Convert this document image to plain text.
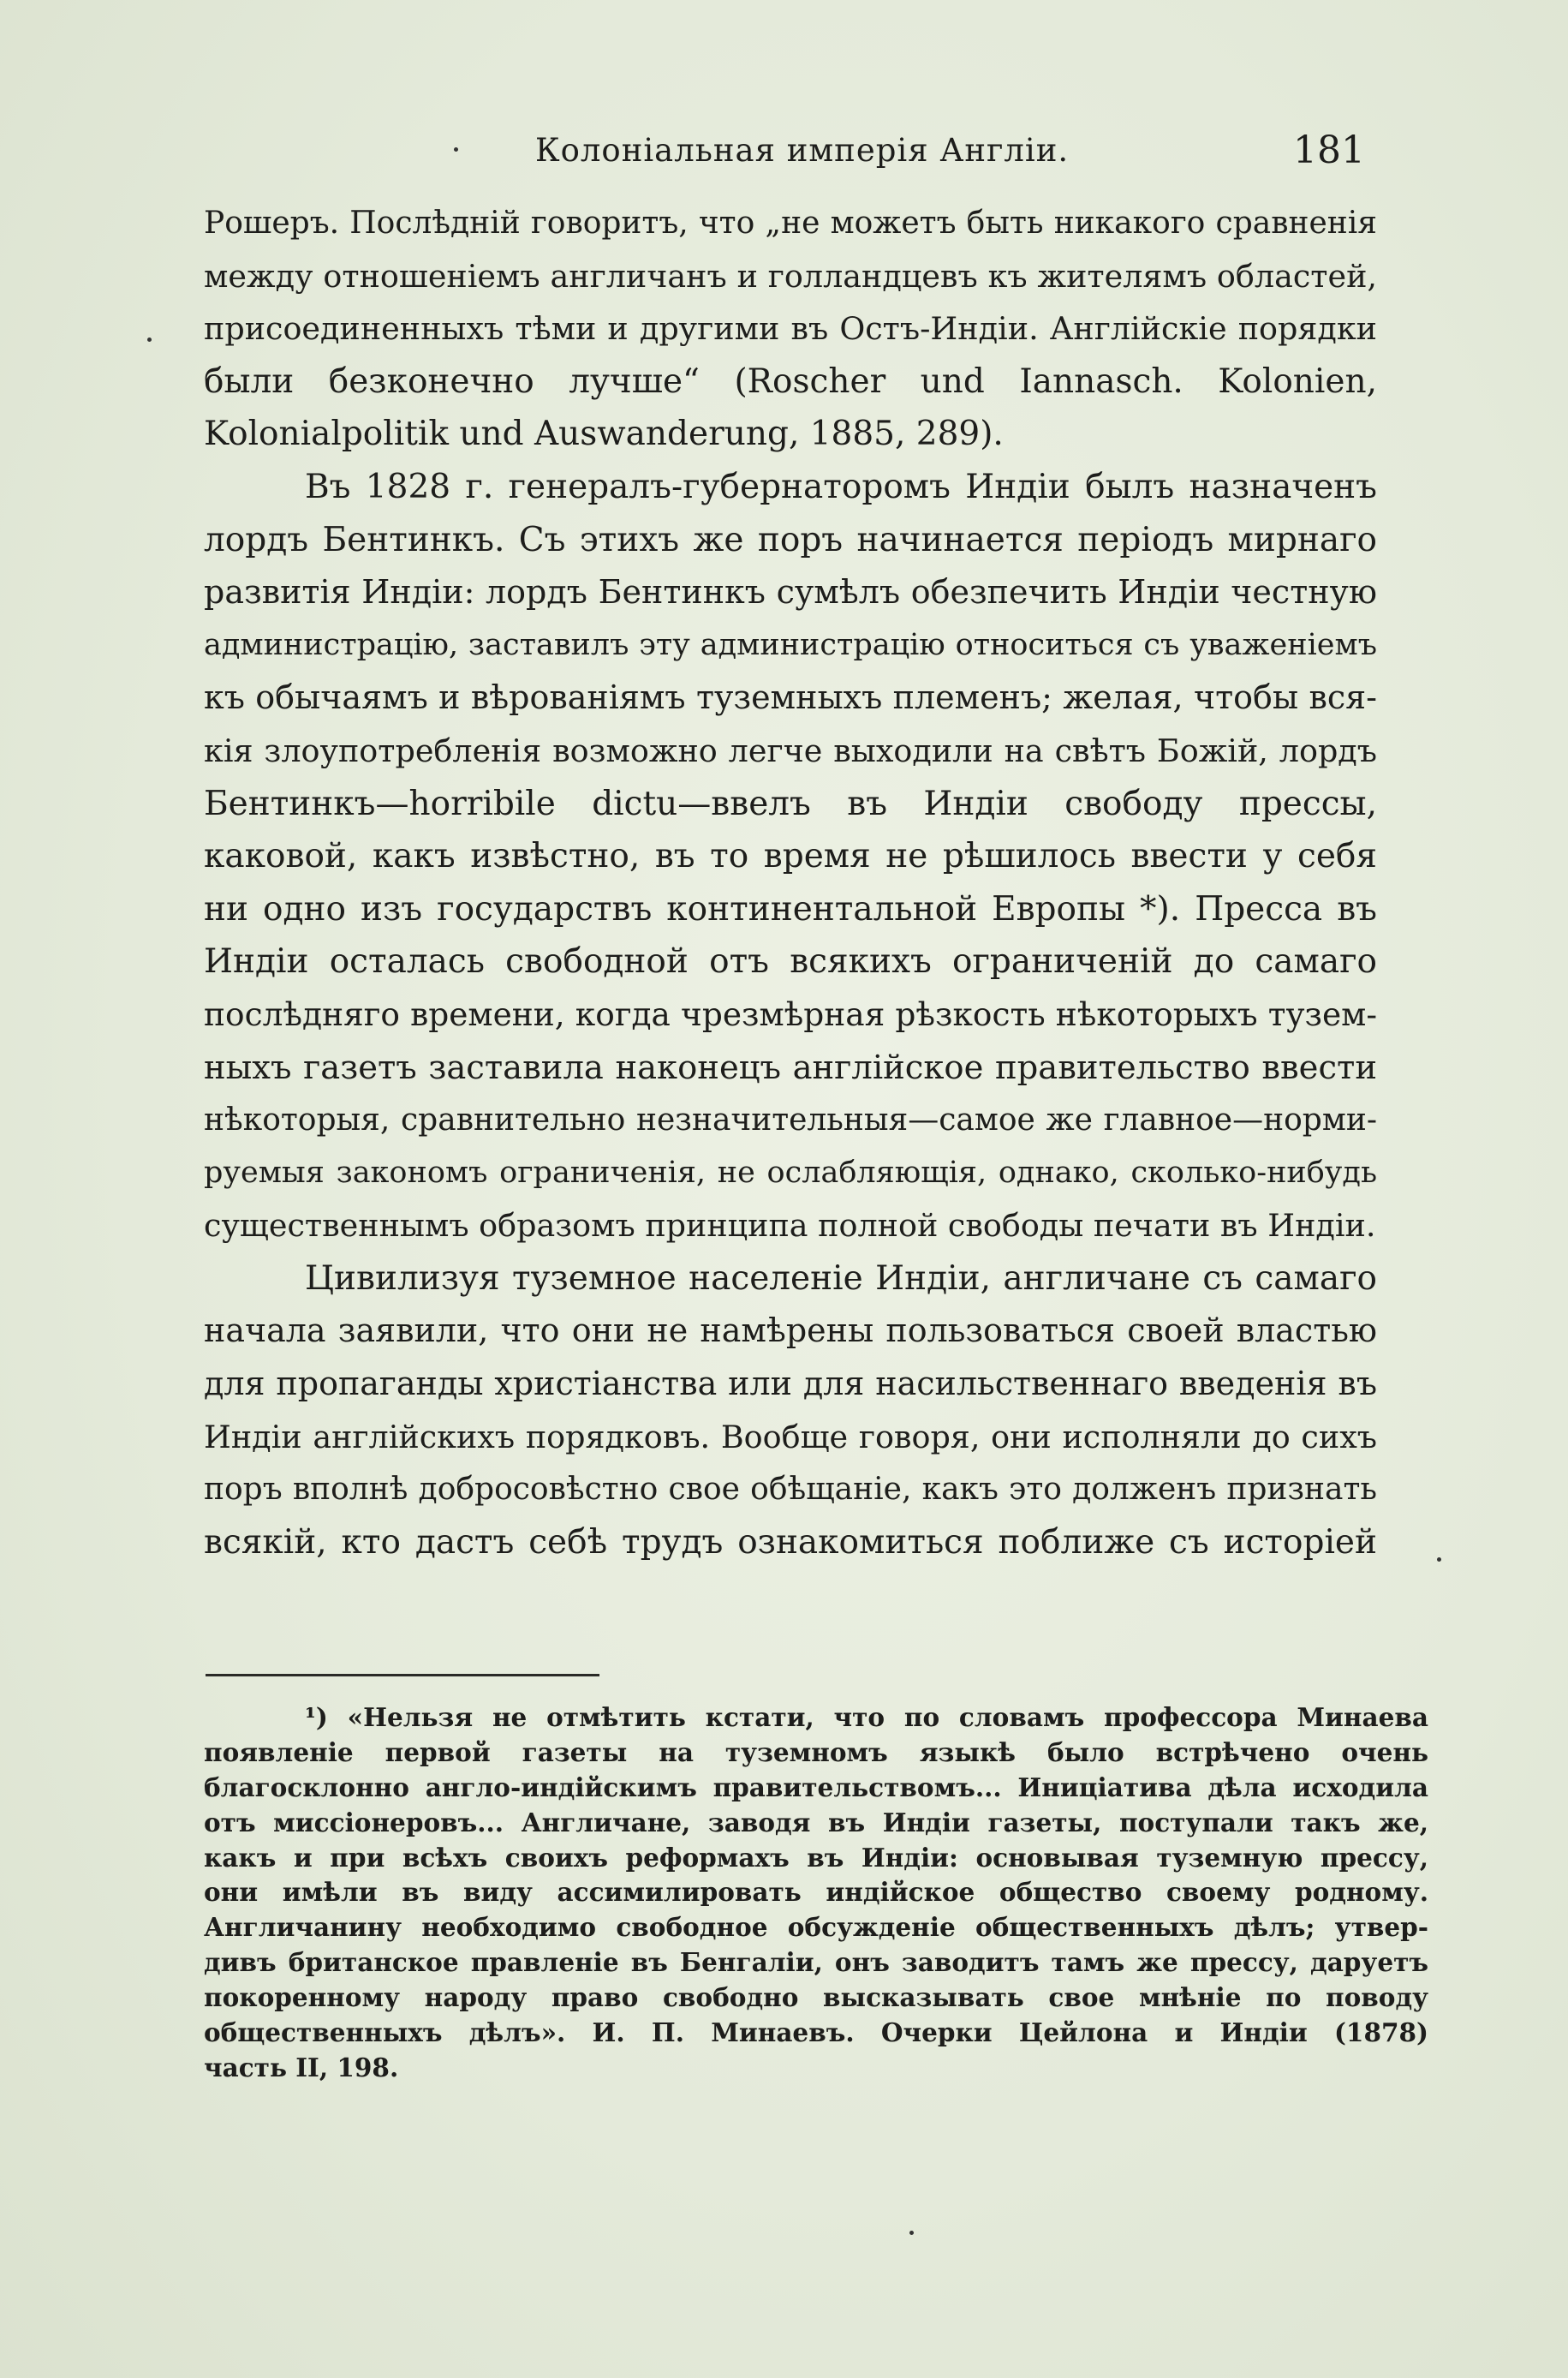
Колоніальная имперія Англіи.	181
Рошеръ. Послѣдній говоритъ, что „не можетъ быть никакого сравненія
между отношеніемъ англичанъ и голландцевъ къ жителямъ областей,
присоединенныхъ тѣми и другими въ Остъ-Индіи. Англійскіе порядки
были безконечно лучше“ (Roscher und Iannasch. Kolonien,
Kolonialpolitik und Auswanderung, 1885, 289).
Въ 1828 г. генералъ-губернаторомъ Индіи былъ назначенъ
лордъ Бентинкъ. Съ этихъ же поръ начинается періодъ мирнаго
развитія Индіи: лордъ Бентинкъ сумѣлъ обезпечить Индіи честную
администрацію, заставилъ эту администрацію относиться съ уваженіемъ
къ обычаямъ и вѣрованіямъ туземныхъ племенъ; желая, чтобы вся-
кія злоупотребленія возможно легче выходили на свѣтъ Божій, лордъ
Бентинкъ—horribile dictu—ввелъ въ Индіи свободу прессы,
каковой, какъ извѣстно, въ то время не рѣшилось ввести у себя
ни одно изъ государствъ континентальной Европы *). Пресса въ
Индіи осталась свободной отъ всякихъ ограниченій до самаго
послѣдняго времени, когда чрезмѣрная рѣзкость нѣкоторыхъ тузем-
ныхъ газетъ заставила наконецъ англійское правительство ввести
нѣкоторыя, сравнительно незначительныя—самое же главное—норми-
руемыя закономъ ограниченія, не ослабляющія, однако, сколько-нибудь
существеннымъ образомъ принципа полной свободы печати въ Индіи.
Цивилизуя туземное населеніе Индіи, англичане съ самаго
начала заявили, что они не намѣрены пользоваться своей властью
для пропаганды христіанства или для насильственнаго введенія въ
Индіи англійскихъ порядковъ. Вообще говоря, они исполняли до сихъ
поръ вполнѣ добросовѣстно свое обѣщаніе, какъ это долженъ признать
всякій, кто дастъ себѣ трудъ ознакомиться поближе съ исторіей
¹) «Нельзя не отмѣтить кстати, что по словамъ профессора Минаева
появленіе первой газеты на туземномъ языкѣ было встрѣчено очень
благосклонно англо-индійскимъ правительствомъ... Иниціатива дѣла исходила
отъ миссіонеровъ... Англичане, заводя въ Индіи газеты, поступали такъ же,
какъ и при всѣхъ своихъ реформахъ въ Индіи: основывая туземную прессу,
они имѣли въ виду ассимилировать индійское общество своему родному.
Англичанину необходимо свободное обсужденіе общественныхъ дѣлъ; утвер-
дивъ британское правленіе въ Бенгаліи, онъ заводитъ тамъ же прессу, даруетъ
покоренному народу право свободно высказывать свое мнѣніе по поводу
общественныхъ дѣлъ». И. П. Минаевъ. Очерки Цейлона и Индіи (1878)
часть II, 198.
